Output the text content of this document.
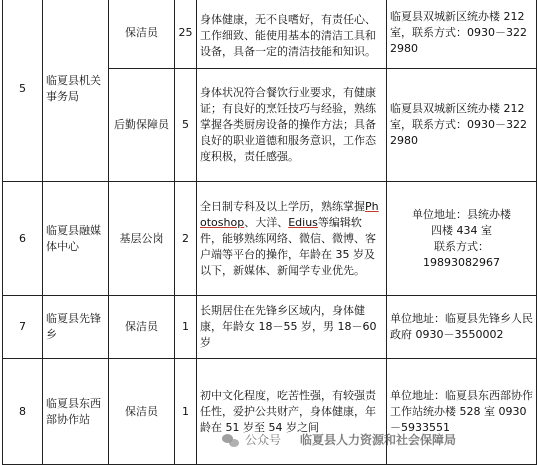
5	临夏县机关事务局	保洁员	25	身体健康，无不良嗜好，有责任心、工作细致、能使用基本的清洁工具和设备，具备一定的清洁技能和知识。	临夏县双城新区统办楼 212 室，联系方式：0930－3222980
		后勤保障员	5	身体状况符合餐饮行业要求，有健康证；有良好的烹饪技巧与经验，熟练掌握各类厨房设备的操作方法；具备良好的职业道德和服务意识，工作态度积极，责任感强。	临夏县双城新区统办楼 212 室，联系方式：0930－3222980
6	临夏县融媒体中心	基层公岗	2	全日制专科及以上学历，熟练掌握Photoshop、大洋、Edius等编辑软件，能够熟练网络、微信、微博、客户端等平台的操作，年龄在 35 岁及以下，新媒体、新闻学专业优先。	单位地址：县统办楼
四楼 434 室
联系方式：
19893082967

7	临夏县先锋乡	保洁员	1	长期居住在先锋乡区域内，身体健康，年龄女 18－55 岁，男 18－60 岁	单位地址：临夏县先锋乡人民政府 0930－3550002
8	临夏县东西部协作站	保洁员	1	初中文化程度，吃苦性强，有较强责任性，爱护公共财产，身体健康，年龄在 51 岁至 54 岁之间	单位地址：临夏县东西部协作工作站统办楼 528 室 0930－5933551
公众号 临夏县人力资源和社会保障局
